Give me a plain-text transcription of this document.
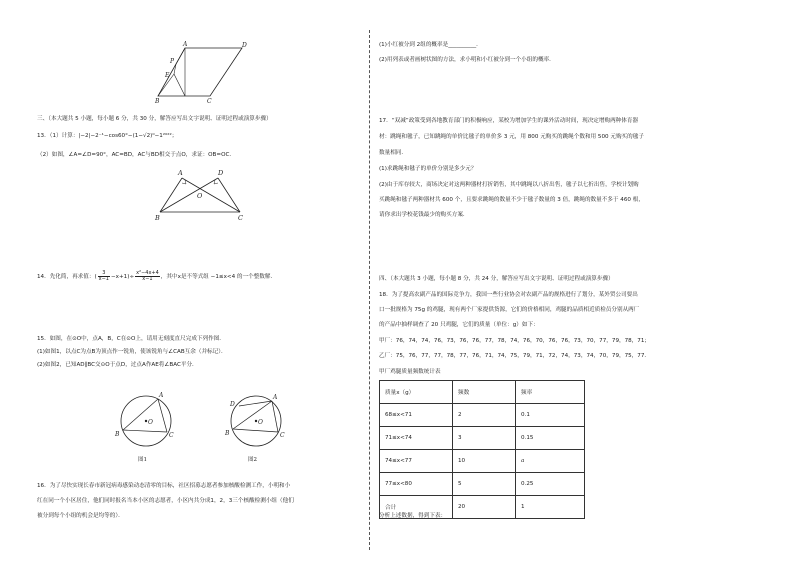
A	D
P
E
B	C
三、（本大题共 5 小题，每小题 6 分，共 30 分，解答应写出文字说明、证明过程或演算步骤）
13．（1）计算：|−2|−2⁻¹−cos60°−(1−√2)⁰−1²⁰²²；
（2）如图，∠A=∠D=90°，AC=BD，AC与BD相交于点O，求证：OB=OC．
A	D
O
B	C
14．先化简，再求值：( $\frac{3}{x-1} -x+1)\div \frac{\text{x²−4x+4}}{x-1}$ ，其中x是不等式组 −1≤x<4 的一个整数解．
15．如图，在⊙O中，点A，B，C在⊙O上，请用无刻度直尺完成下列作图．
(1)如图1，以点C为点B为顶点作一锐角，使该锐角与∠CAB互余（并标记）．
(2)如图2，已知AD∥BC交⊙O于点D，过点A作AE将∠BAC平分．
A
B	C
O
图1
D
A
B	C
O
图2
16．为了尽快实现长春市新冠病毒感染动态清零的目标，社区招募志愿者参加核酸检测工作，小明和小
红在同一个小区居住，他们同时报名当本小区的志愿者，小区内共分成1，2，3三个核酸检测小组（他们
被分到每个小组的机会是均等的）．
(1)小红被分到 2组的概率是__________．
(2)用列表或者画树状图的方法，求小明和小红被分到一个小组的概率．
17．“双减”政策受到各地教育部门的积极响应，某校为增加学生的课外活动时间，现决定增购两种体育器
材：跳绳和毽子，已知跳绳的单价比毽子的单价多 3 元，用 800 元购买的跳绳个数和用 500 元购买的毽子
数量相同．
(1)求跳绳和毽子的单价分别是多少元？
(2)由于库存较大，商场决定对这两种器材打折销售，其中跳绳以八折出售，毽子以七折出售，学校计划购
买跳绳和毽子两种器材共 600 个，且要求跳绳的数量不少于毽子数量的 3 倍，跳绳的数量不多于 460 根，
请你求出学校花钱最少的购买方案．
四、（本大题共 3 小题，每小题 8 分，共 24 分，解答应写出文字说明、证明过程或演算步骤）
18．为了提高农副产品的国际竞争力，我国一些行业协会对农副产品的规格进行了划分，某外贸公司要出
口一批规格为 75g 的鸡腿，现有两个厂家提供货源，它们的价格相同，鸡腿的品质相近质检员分别从两厂
的产品中抽样调查了 20 只鸡腿，它们的质量（单位：g）如下：
甲厂：76，74，74，76，73，76，76，77，78，74，76，70，76，76，73，70，77，79，78，71；
乙厂：75，76，77，77，78，77，76，71，74，75，79，71，72，74，73，74，70，79，75，77．
甲厂鸡腿质量频数统计表
质量x（g）	频数	频率
68≤x<71	2	0.1
71≤x<74	3	0.15
74≤x<77	10	a
77≤x<80	5	0.25
合计	20	1
分析上述数据，得到下表：
